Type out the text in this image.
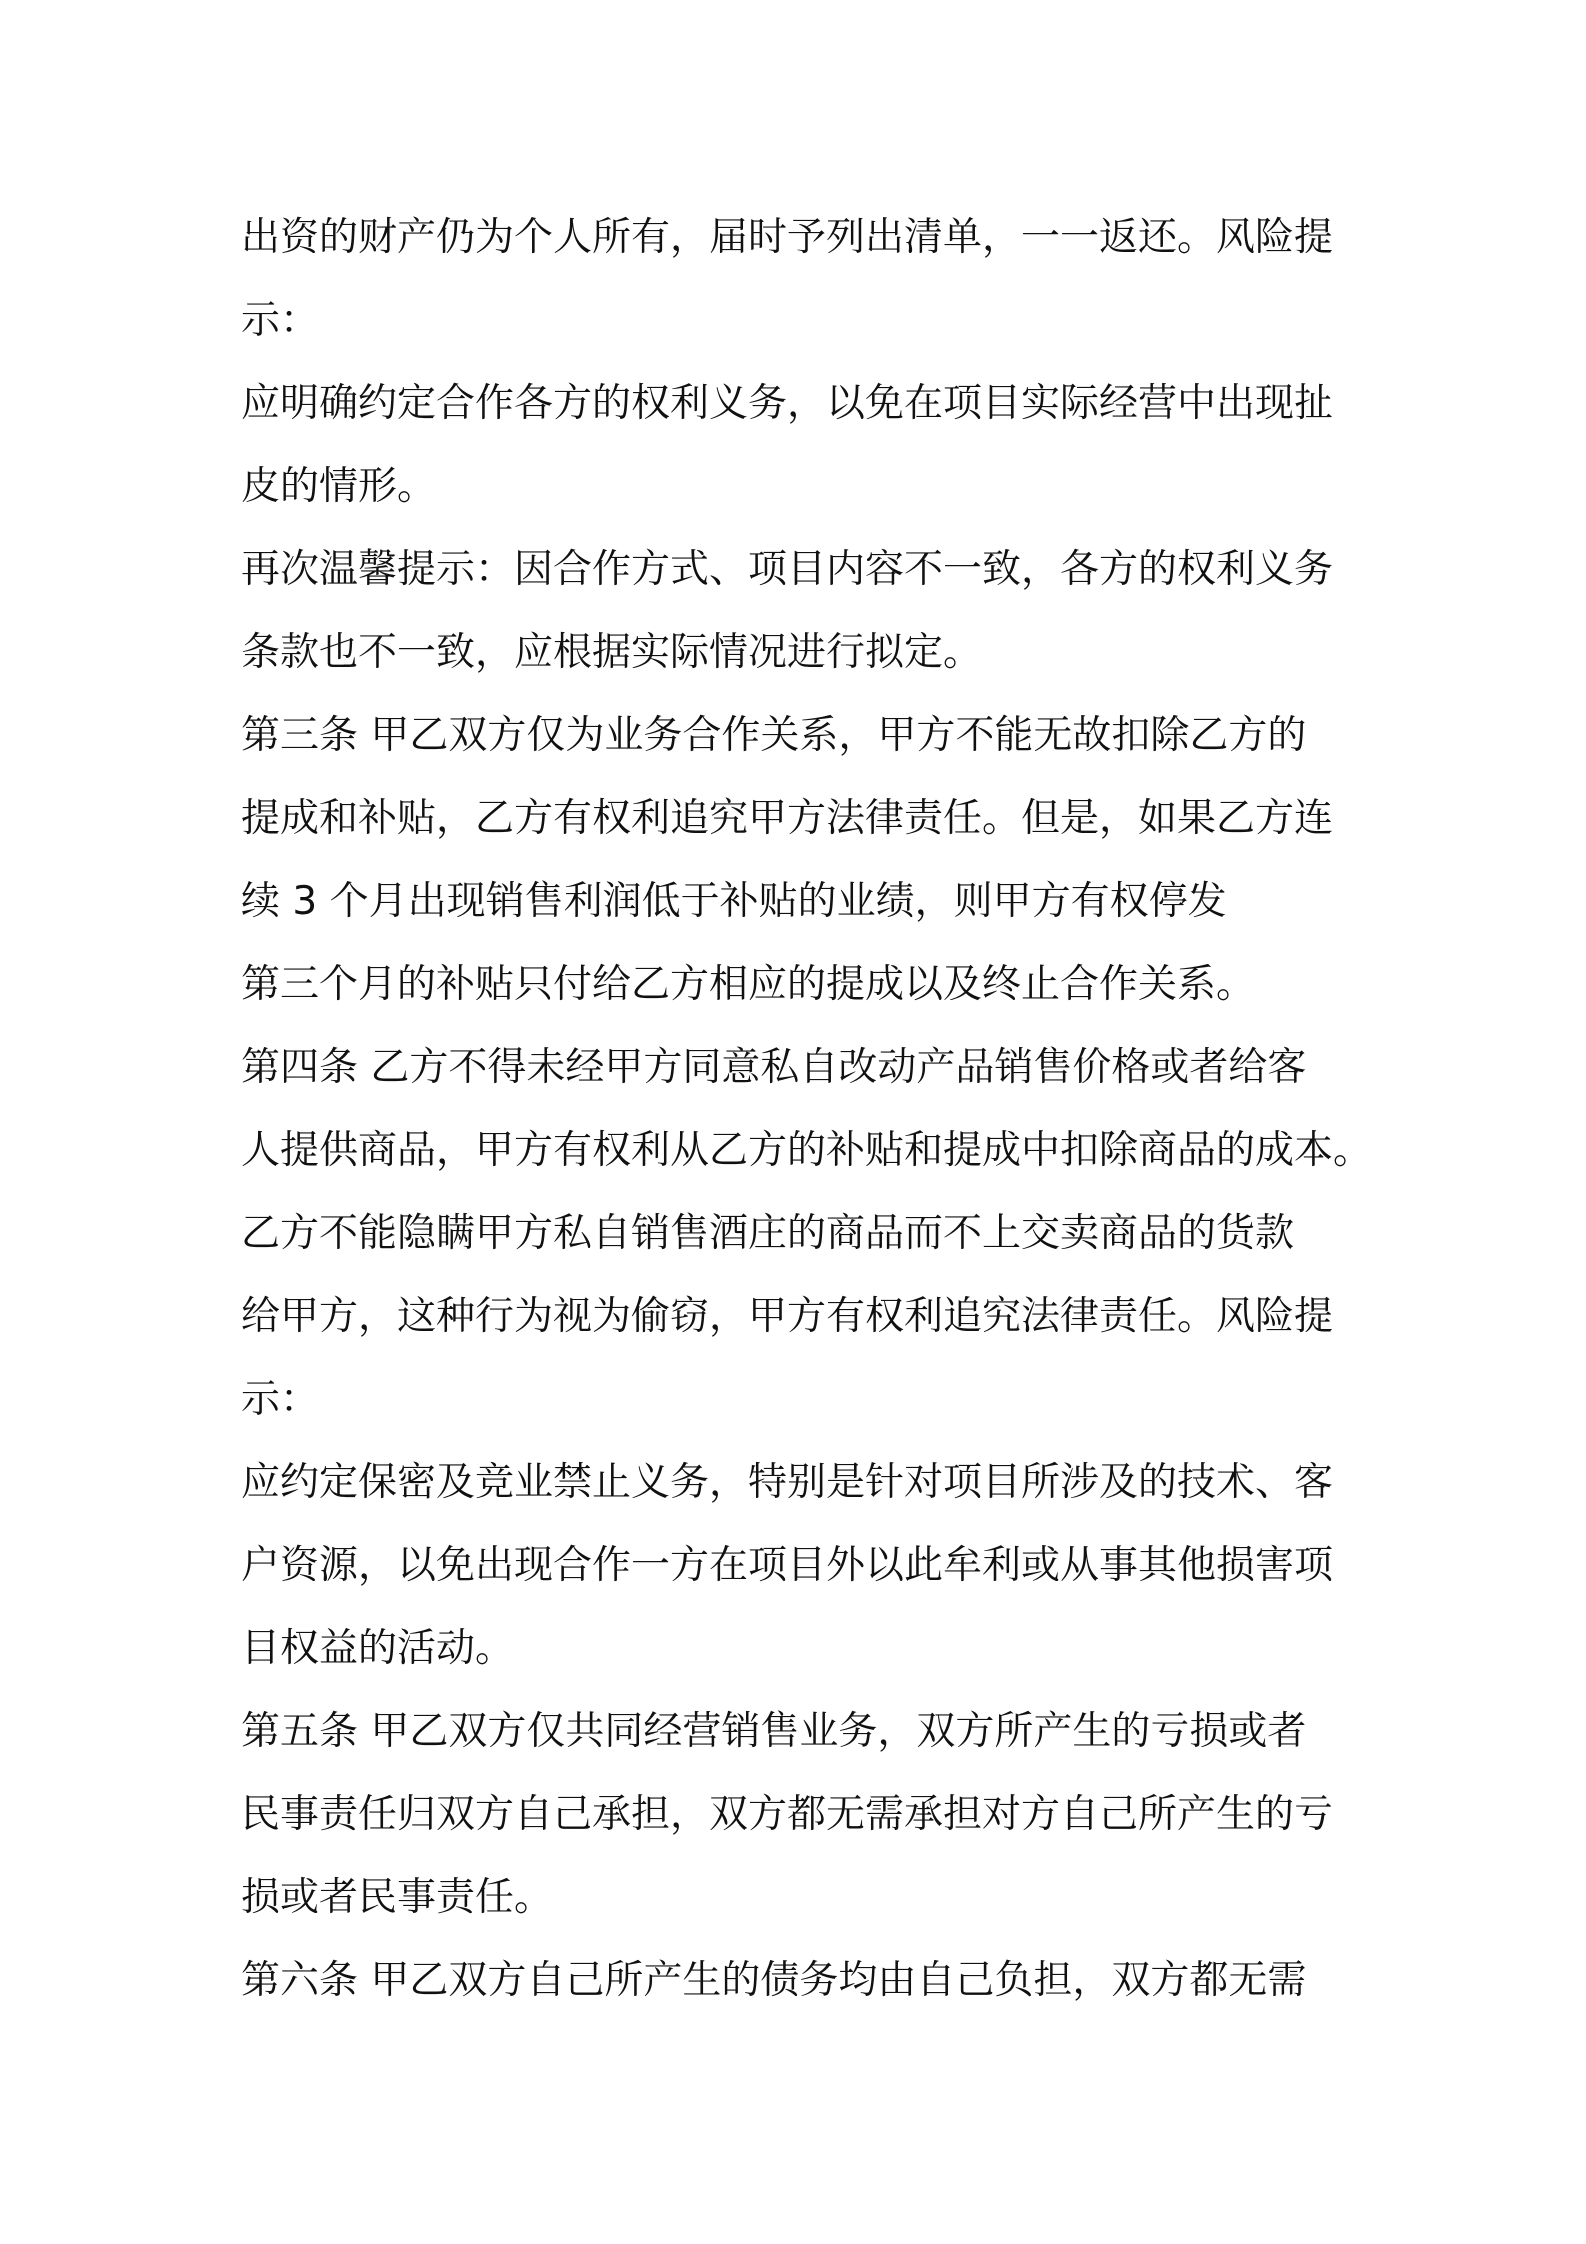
出资的财产仍为个人所有，届时予列出清单，一一返还。风险提
示：
应明确约定合作各方的权利义务，以免在项目实际经营中出现扯
皮的情形。
再次温馨提示：因合作方式、项目内容不一致，各方的权利义务
条款也不一致，应根据实际情况进行拟定。
第三条 甲乙双方仅为业务合作关系，甲方不能无故扣除乙方的
提成和补贴，乙方有权利追究甲方法律责任。但是，如果乙方连
续 3 个月出现销售利润低于补贴的业绩，则甲方有权停发
第三个月的补贴只付给乙方相应的提成以及终止合作关系。
第四条 乙方不得未经甲方同意私自改动产品销售价格或者给客
人提供商品，甲方有权利从乙方的补贴和提成中扣除商品的成本。
乙方不能隐瞒甲方私自销售酒庄的商品而不上交卖商品的货款
给甲方，这种行为视为偷窃，甲方有权利追究法律责任。风险提
示：
应约定保密及竞业禁止义务，特别是针对项目所涉及的技术、客
户资源，以免出现合作一方在项目外以此牟利或从事其他损害项
目权益的活动。
第五条 甲乙双方仅共同经营销售业务，双方所产生的亏损或者
民事责任归双方自己承担，双方都无需承担对方自己所产生的亏
损或者民事责任。
第六条 甲乙双方自己所产生的债务均由自己负担，双方都无需
